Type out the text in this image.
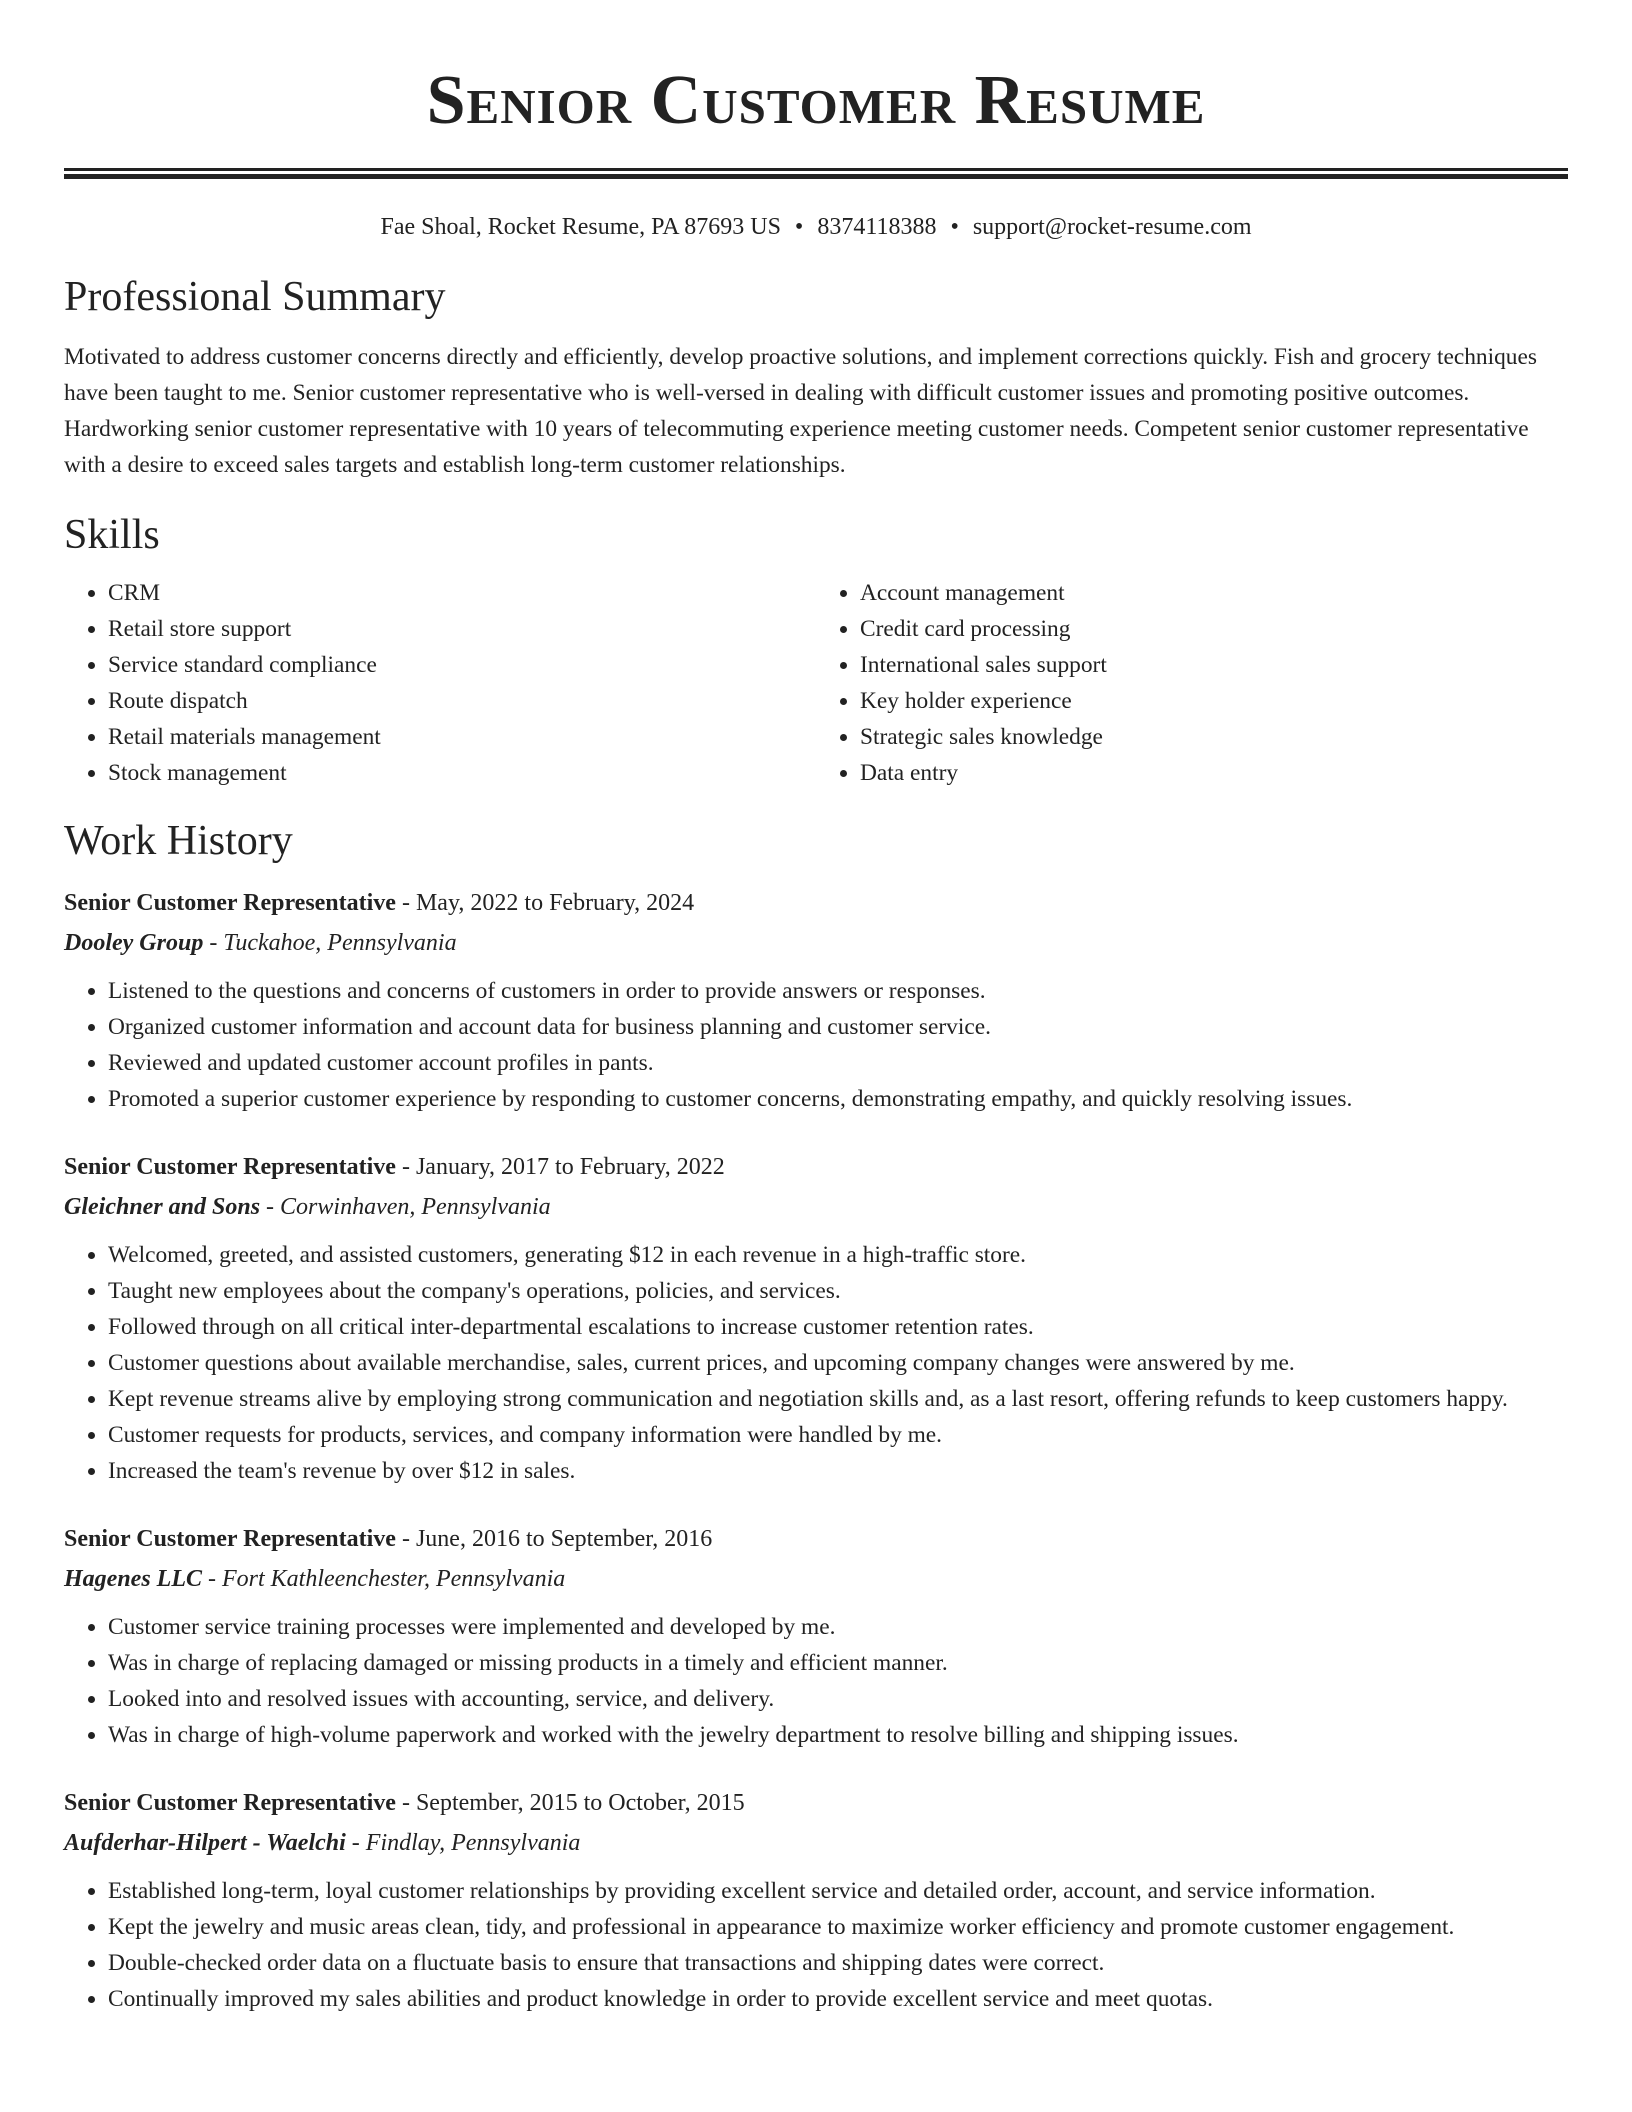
Senior Customer Resume
Fae Shoal, Rocket Resume, PA 87693 US • 8374118388 • support@rocket-resume.com
Professional Summary

Motivated to address customer concerns directly and efficiently, develop proactive solutions, and implement corrections quickly. Fish and grocery techniques have been taught to me. Senior customer representative who is well-versed in dealing with difficult customer issues and promoting positive outcomes. Hardworking senior customer representative with 10 years of telecommuting experience meeting customer needs. Competent senior customer representative with a desire to exceed sales targets and establish long-term customer relationships.

Skills
• CRM
• Retail store support
• Service standard compliance
• Route dispatch
• Retail materials management
• Stock management
• Account management
• Credit card processing
• International sales support
• Key holder experience
• Strategic sales knowledge
• Data entry
Work History
Senior Customer Representative - May, 2022 to February, 2024
Dooley Group - Tuckahoe, Pennsylvania
• Listened to the questions and concerns of customers in order to provide answers or responses.
• Organized customer information and account data for business planning and customer service.
• Reviewed and updated customer account profiles in pants.
• Promoted a superior customer experience by responding to customer concerns, demonstrating empathy, and quickly resolving issues.
Senior Customer Representative - January, 2017 to February, 2022
Gleichner and Sons - Corwinhaven, Pennsylvania
• Welcomed, greeted, and assisted customers, generating $12 in each revenue in a high-traffic store.
• Taught new employees about the company's operations, policies, and services.
• Followed through on all critical inter-departmental escalations to increase customer retention rates.
• Customer questions about available merchandise, sales, current prices, and upcoming company changes were answered by me.
• Kept revenue streams alive by employing strong communication and negotiation skills and, as a last resort, offering refunds to keep customers happy.
• Customer requests for products, services, and company information were handled by me.
• Increased the team's revenue by over $12 in sales.
Senior Customer Representative - June, 2016 to September, 2016
Hagenes LLC - Fort Kathleenchester, Pennsylvania
• Customer service training processes were implemented and developed by me.
• Was in charge of replacing damaged or missing products in a timely and efficient manner.
• Looked into and resolved issues with accounting, service, and delivery.
• Was in charge of high-volume paperwork and worked with the jewelry department to resolve billing and shipping issues.
Senior Customer Representative - September, 2015 to October, 2015
Aufderhar-Hilpert - Waelchi - Findlay, Pennsylvania
• Established long-term, loyal customer relationships by providing excellent service and detailed order, account, and service information.
• Kept the jewelry and music areas clean, tidy, and professional in appearance to maximize worker efficiency and promote customer engagement.
• Double-checked order data on a fluctuate basis to ensure that transactions and shipping dates were correct.
• Continually improved my sales abilities and product knowledge in order to provide excellent service and meet quotas.
